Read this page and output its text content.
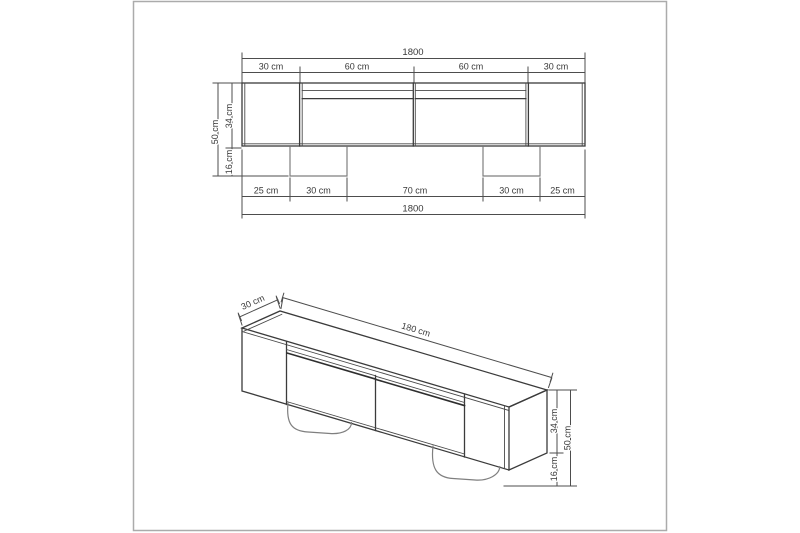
1800
30 cm	60 cm	60 cm	30 cm
50 cm
34 cm
16 cm
25 cm	30 cm	70 cm	30 cm	25 cm
1800
30 cm
180 cm
34 cm
16 cm
50 cm
